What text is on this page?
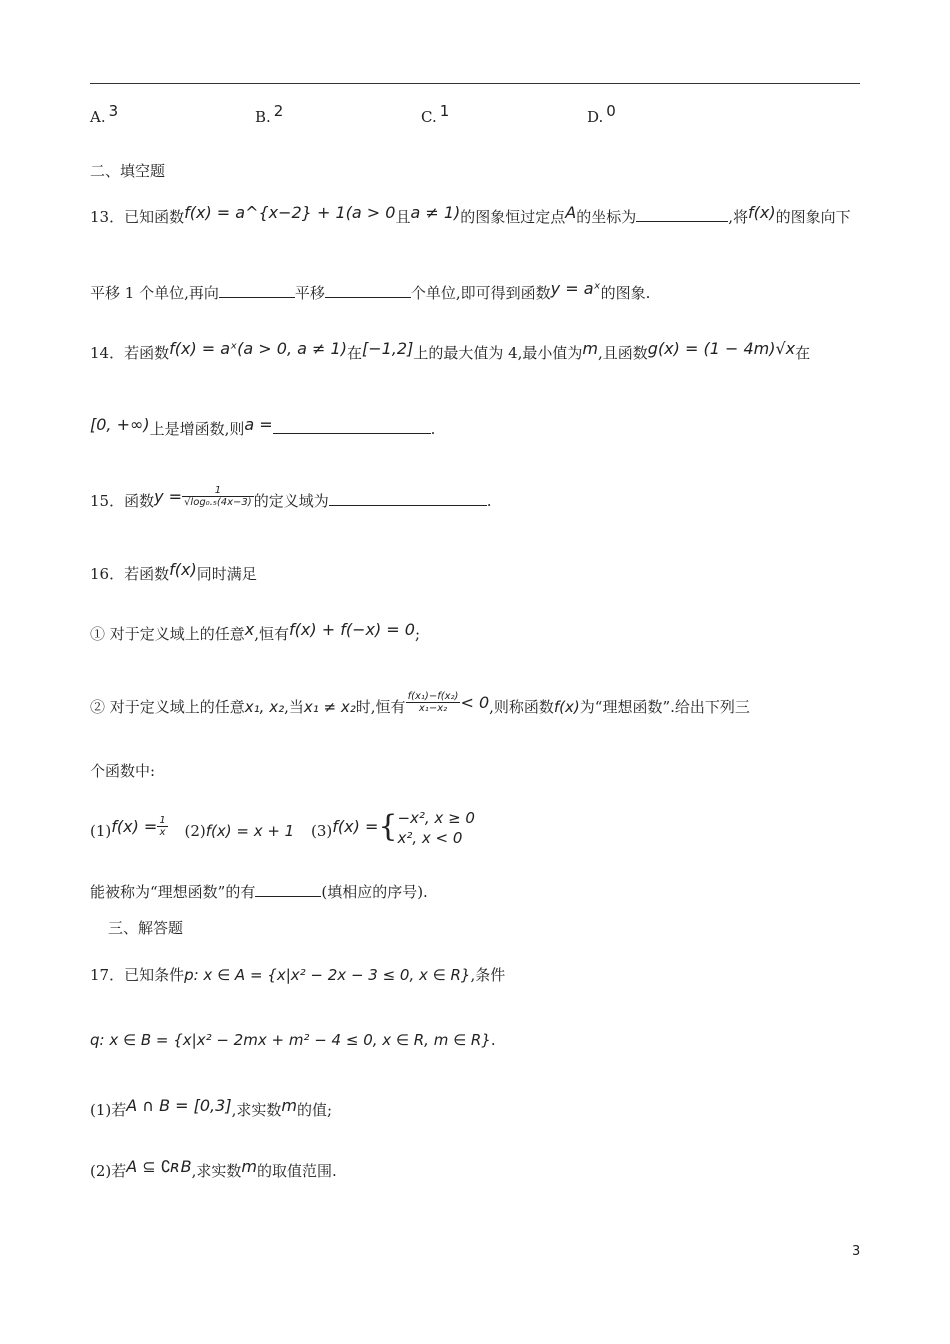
A. 3	B. 2	C. 1	D. 0
二、填空题
13．已知函数f(x) = a^{x−2} + 1(a > 0且a ≠ 1)的图象恒过定点A的坐标为	,将f(x)的图象向下
平移 1 个单位,再向	平移	个单位,即可得到函数y = aˣ的图象.
14．若函数f(x) = aˣ(a > 0, a ≠ 1)在[−1,2]上的最大值为 4,最小值为m,且函数g(x) = (1 − 4m)√x在
[0, +∞)上是增函数,则a =	.
15．函数$y = \frac{1}{\text{√log₀.₅(4x−3)}}$ 的定义域为	.
16．若函数f(x)同时满足
① 对于定义域上的任意x,恒有f(x) + f(−x) = 0;
② 对于定义域上的任意x₁, x₂,当x₁ ≠ x₂时,恒有 $\frac{\text{f(x₁)−f(x₂)}}{\text{x₁−x₂}} < 0$,则称函数f(x)为“理想函数”.给出下列三
个函数中:
$(1)f(x) = \frac{1}{x} (2)f(x) = x + 1$ (3)f(x) ={ −x², x ≥ 0
x², x < 0
能被称为“理想函数”的有	(填相应的序号).
三、解答题
17．已知条件p: x ∈ A = {x|x² − 2x − 3 ≤ 0, x ∈ R},条件
q: x ∈ B = {x|x² − 2mx + m² − 4 ≤ 0, x ∈ R, m ∈ R}.
(1)若A ∩ B = [0,3],求实数m的值;
(2)若A ⊆ ∁ʀB,求实数m的取值范围.
3
